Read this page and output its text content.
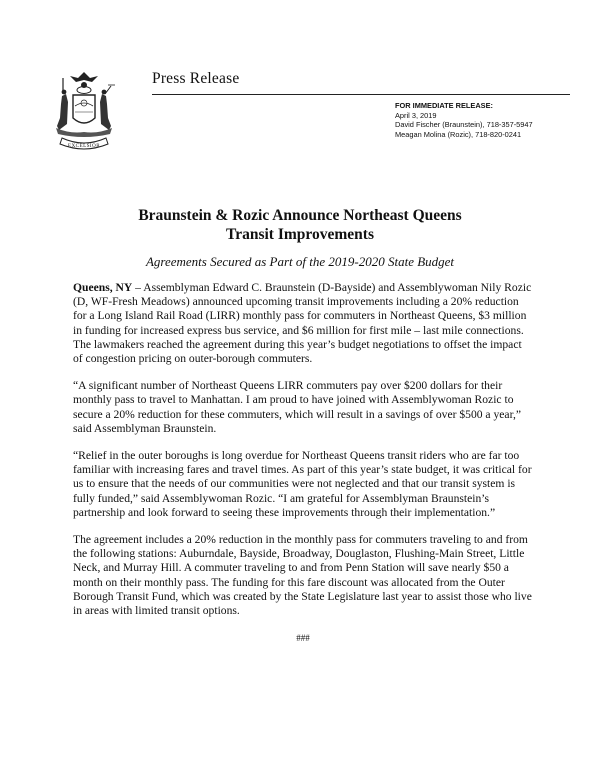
EXCELSIOR
Press Release
FOR IMMEDIATE RELEASE:
April 3, 2019
David Fischer (Braunstein), 718-357-5947
Meagan Molina (Rozic), 718-820-0241
Braunstein & Rozic Announce Northeast Queens
Transit Improvements
Agreements Secured as Part of the 2019-2020 State Budget

Queens, NY – Assemblyman Edward C. Braunstein (D-Bayside) and Assemblywoman Nily Rozic (D, WF-Fresh Meadows) announced upcoming transit improvements including a 20% reduction for a Long Island Rail Road (LIRR) monthly pass for commuters in Northeast Queens, $3 million in funding for increased express bus service, and $6 million for first mile – last mile connections. The lawmakers reached the agreement during this year’s budget negotiations to offset the impact of congestion pricing on outer-borough commuters.

“A significant number of Northeast Queens LIRR commuters pay over $200 dollars for their monthly pass to travel to Manhattan. I am proud to have joined with Assemblywoman Rozic to secure a 20% reduction for these commuters, which will result in a savings of over $500 a year,” said Assemblyman Braunstein.

“Relief in the outer boroughs is long overdue for Northeast Queens transit riders who are far too familiar with increasing fares and travel times. As part of this year’s state budget, it was critical for us to ensure that the needs of our communities were not neglected and that our transit system is fully funded,” said Assemblywoman Rozic. “I am grateful for Assemblyman Braunstein’s partnership and look forward to seeing these improvements through their implementation.”

The agreement includes a 20% reduction in the monthly pass for commuters traveling to and from the following stations: Auburndale, Bayside, Broadway, Douglaston, Flushing-Main Street, Little Neck, and Murray Hill. A commuter traveling to and from Penn Station will save nearly $50 a month on their monthly pass. The funding for this fare discount was allocated from the Outer Borough Transit Fund, which was created by the State Legislature last year to assist those who live in areas with limited transit options.

###
